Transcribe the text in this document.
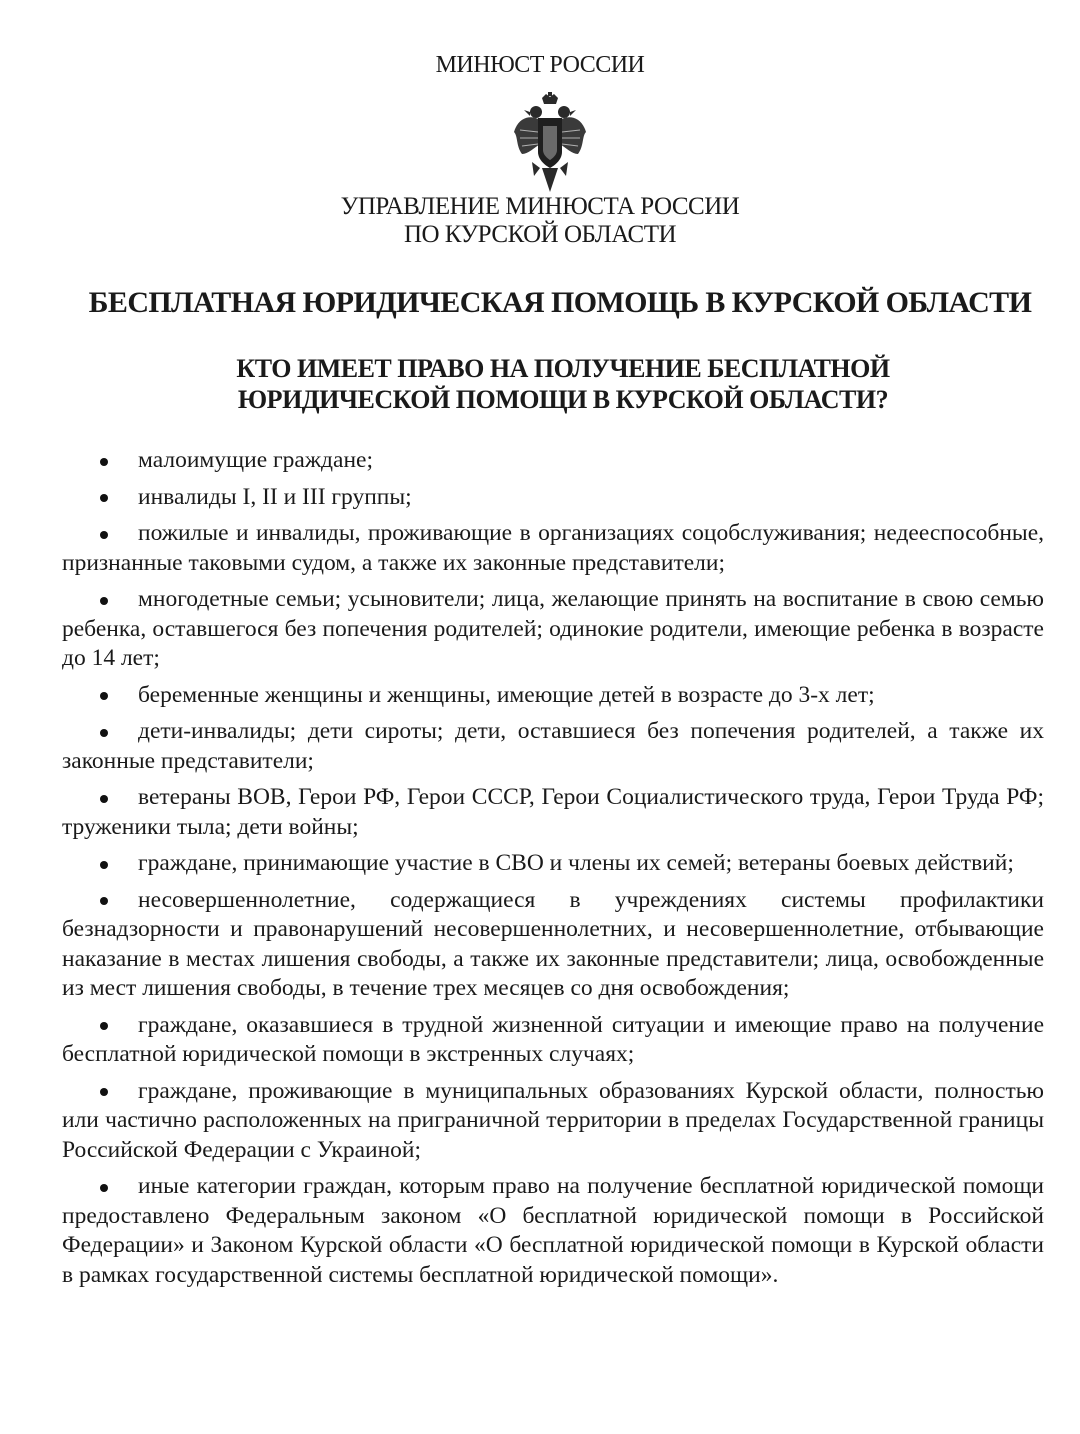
МИНЮСТ РОССИИ
УПРАВЛЕНИЕ МИНЮСТА РОССИИ
ПО КУРСКОЙ ОБЛАСТИ
БЕСПЛАТНАЯ ЮРИДИЧЕСКАЯ ПОМОЩЬ В КУРСКОЙ ОБЛАСТИ
КТО ИМЕЕТ ПРАВО НА ПОЛУЧЕНИЕ БЕСПЛАТНОЙ
ЮРИДИЧЕСКОЙ ПОМОЩИ В КУРСКОЙ ОБЛАСТИ?
малоимущие граждане;
инвалиды I, II и III группы;
пожилые и инвалиды, проживающие в организациях соцобслуживания; недееспособные, признанные таковыми судом, а также их законные представители;
многодетные семьи; усыновители; лица, желающие принять на воспитание в свою семью ребенка, оставшегося без попечения родителей; одинокие родители, имеющие ребенка в возрасте до 14 лет;
беременные женщины и женщины, имеющие детей в возрасте до 3-х лет;
дети-инвалиды; дети сироты; дети, оставшиеся без попечения родителей, а также их законные представители;
ветераны ВОВ, Герои РФ, Герои СССР, Герои Социалистического труда, Герои Труда РФ; труженики тыла; дети войны;
граждане, принимающие участие в СВО и члены их семей; ветераны боевых действий;
несовершеннолетние, содержащиеся в учреждениях системы профилактики безнадзорности и правонарушений несовершеннолетних, и несовершеннолетние, отбывающие наказание в местах лишения свободы, а также их законные представители; лица, освобожденные из мест лишения свободы, в течение трех месяцев со дня освобождения;
граждане, оказавшиеся в трудной жизненной ситуации и имеющие право на получение бесплатной юридической помощи в экстренных случаях;
граждане, проживающие в муниципальных образованиях Курской области, полностью или частично расположенных на приграничной территории в пределах Государственной границы Российской Федерации с Украиной;
иные категории граждан, которым право на получение бесплатной юридической помощи предоставлено Федеральным законом «О бесплатной юридической помощи в Российской Федерации» и Законом Курской области «О бесплатной юридической помощи в Курской области в рамках государственной системы бесплатной юридической помощи».
